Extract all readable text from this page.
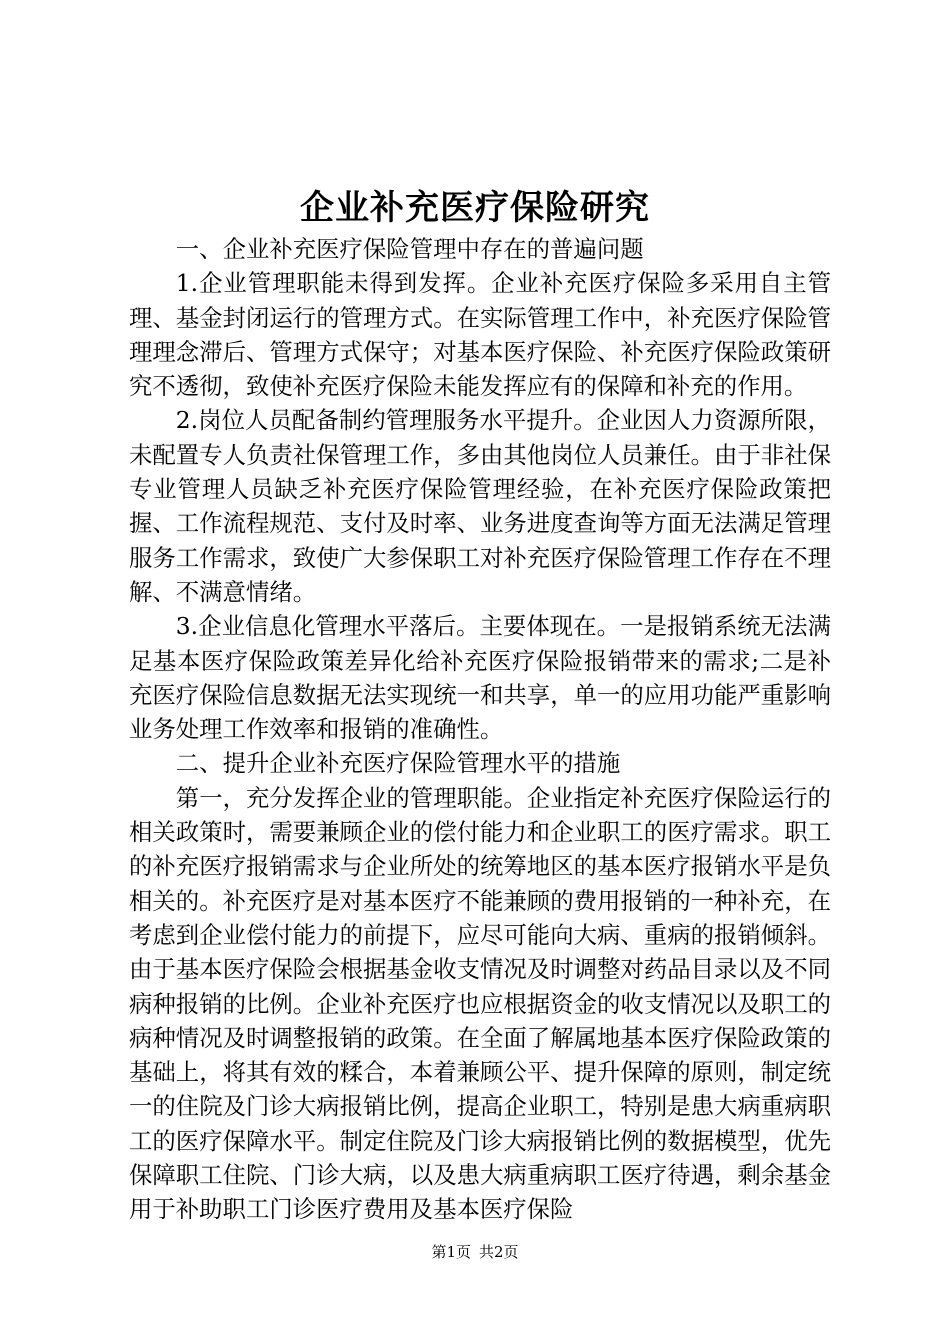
企业补充医疗保险研究

一、企业补充医疗保险管理中存在的普遍问题

1.企业管理职能未得到发挥。企业补充医疗保险多采用自主管理、基金封闭运行的管理方式。在实际管理工作中，补充医疗保险管理理念滞后、管理方式保守；对基本医疗保险、补充医疗保险政策研究不透彻，致使补充医疗保险未能发挥应有的保障和补充的作用。

2.岗位人员配备制约管理服务水平提升。企业因人力资源所限，未配置专人负责社保管理工作，多由其他岗位人员兼任。由于非社保专业管理人员缺乏补充医疗保险管理经验，在补充医疗保险政策把握、工作流程规范、支付及时率、业务进度查询等方面无法满足管理服务工作需求，致使广大参保职工对补充医疗保险管理工作存在不理解、不满意情绪。

3.企业信息化管理水平落后。主要体现在。一是报销系统无法满足基本医疗保险政策差异化给补充医疗保险报销带来的需求;二是补充医疗保险信息数据无法实现统一和共享，单一的应用功能严重影响业务处理工作效率和报销的准确性。

二、提升企业补充医疗保险管理水平的措施

第一，充分发挥企业的管理职能。企业指定补充医疗保险运行的相关政策时，需要兼顾企业的偿付能力和企业职工的医疗需求。职工的补充医疗报销需求与企业所处的统筹地区的基本医疗报销水平是负相关的。补充医疗是对基本医疗不能兼顾的费用报销的一种补充，在考虑到企业偿付能力的前提下，应尽可能向大病、重病的报销倾斜。由于基本医疗保险会根据基金收支情况及时调整对药品目录以及不同病种报销的比例。企业补充医疗也应根据资金的收支情况以及职工的病种情况及时调整报销的政策。在全面了解属地基本医疗保险政策的基础上，将其有效的糅合，本着兼顾公平、提升保障的原则，制定统一的住院及门诊大病报销比例，提高企业职工，特别是患大病重病职工的医疗保障水平。制定住院及门诊大病报销比例的数据模型，优先保障职工住院、门诊大病，以及患大病重病职工医疗待遇，剩余基金用于补助职工门诊医疗费用及基本医疗保险

第1页 共2页
